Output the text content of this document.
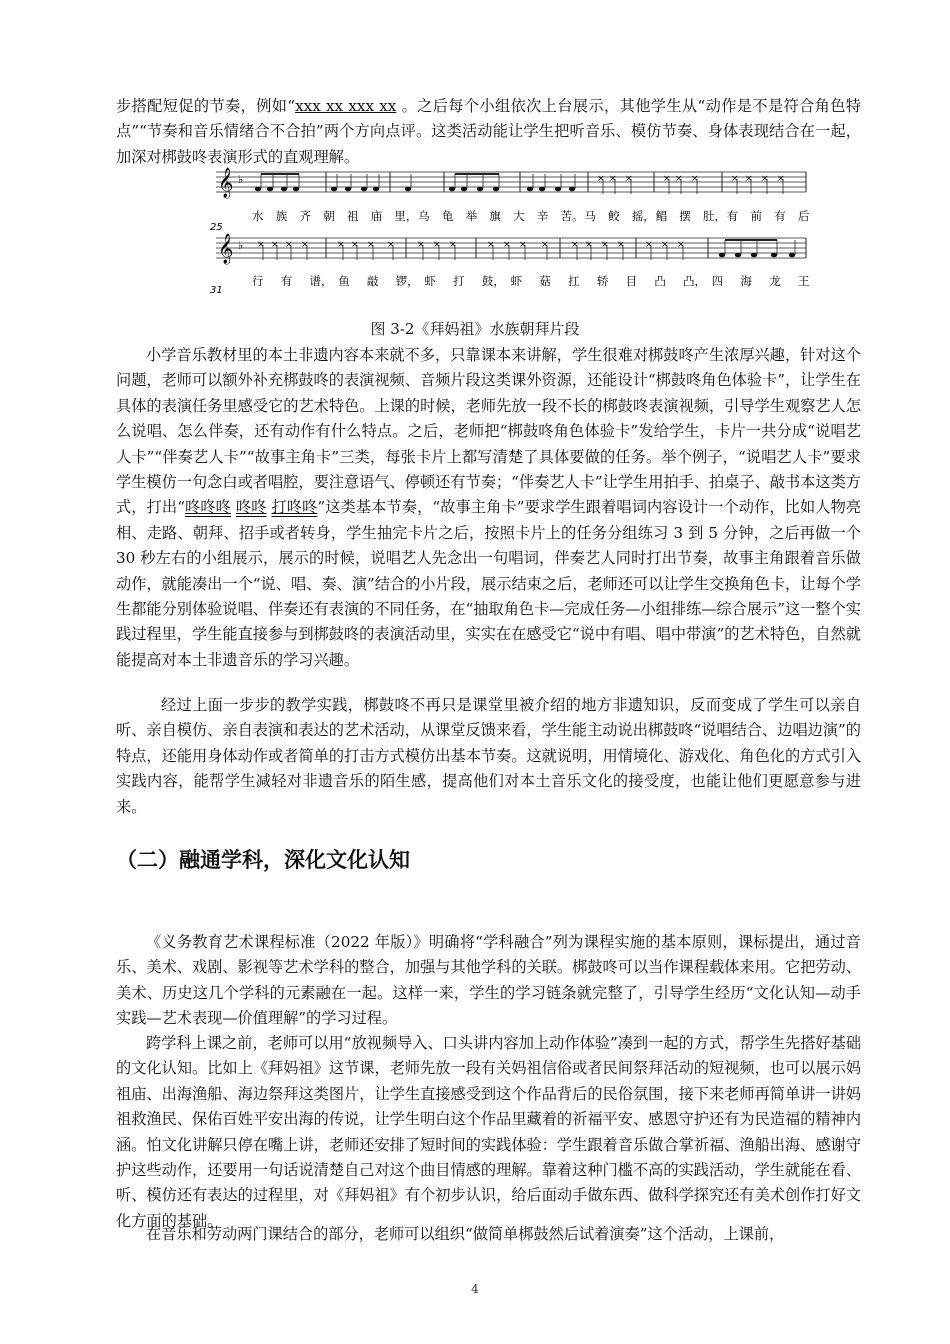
步搭配短促的节奏，例如“xxx xx xxx xx 。之后每个小组依次上台展示，其他学生从“动作是不是符合角色特点”“节奏和音乐情绪合不合拍”两个方向点评。这类活动能让学生把听音乐、模仿节奏、身体表现结合在一起，加深对梆鼓咚表演形式的直观理解。

𝄞 ♭	× × ×	× × ×	× × × ×
𝄞 ♭ × × × ×	× × × × × × ×	× × × × × × × × × × ×
25
31
水 族 齐 朝 祖 庙 里， 乌 龟 举 旗 大 辛 苦。 马 鲛 摇， 鲳 摆 肚， 有 前 有 后
行 有 谱， 鱼 敲 锣， 虾 打 鼓， 虾 菇 扛 轿 目 凸 凸， 四 海 龙 王

图 3-2《拜妈祖》水族朝拜片段

小学音乐教材里的本土非遗内容本来就不多，只靠课本来讲解，学生很难对梆鼓咚产生浓厚兴趣，针对这个问题，老师可以额外补充梆鼓咚的表演视频、音频片段这类课外资源，还能设计“梆鼓咚角色体验卡”，让学生在具体的表演任务里感受它的艺术特色。上课的时候，老师先放一段不长的梆鼓咚表演视频，引导学生观察艺人怎么说唱、怎么伴奏，还有动作有什么特点。之后，老师把“梆鼓咚角色体验卡”发给学生，卡片一共分成“说唱艺人卡”“伴奏艺人卡”“故事主角卡”三类，每张卡片上都写清楚了具体要做的任务。举个例子，“说唱艺人卡”要求学生模仿一句念白或者唱腔，要注意语气、停顿还有节奏；“伴奏艺人卡”让学生用拍手、拍桌子、敲书本这类方式，打出“咚咚咚 咚咚 打咚咚”这类基本节奏，“故事主角卡”要求学生跟着唱词内容设计一个动作，比如人物亮相、走路、朝拜、招手或者转身，学生抽完卡片之后，按照卡片上的任务分组练习 3 到 5 分钟，之后再做一个 30 秒左右的小组展示，展示的时候，说唱艺人先念出一句唱词，伴奏艺人同时打出节奏，故事主角跟着音乐做动作，就能凑出一个“说、唱、奏、演”结合的小片段，展示结束之后，老师还可以让学生交换角色卡，让每个学生都能分别体验说唱、伴奏还有表演的不同任务，在“抽取角色卡—完成任务—小组排练—综合展示”这一整个实践过程里，学生能直接参与到梆鼓咚的表演活动里，实实在在感受它“说中有唱、唱中带演”的艺术特色，自然就能提高对本土非遗音乐的学习兴趣。

经过上面一步步的教学实践，梆鼓咚不再只是课堂里被介绍的地方非遗知识，反而变成了学生可以亲自听、亲自模仿、亲自表演和表达的艺术活动，从课堂反馈来看，学生能主动说出梆鼓咚“说唱结合、边唱边演”的特点，还能用身体动作或者简单的打击方式模仿出基本节奏。这就说明，用情境化、游戏化、角色化的方式引入实践内容，能帮学生减轻对非遗音乐的陌生感，提高他们对本土音乐文化的接受度，也能让他们更愿意参与进来。

（二）融通学科，深化文化认知

《义务教育艺术课程标准（2022 年版）》明确将“学科融合”列为课程实施的基本原则，课标提出，通过音乐、美术、戏剧、影视等艺术学科的整合，加强与其他学科的关联。梆鼓咚可以当作课程载体来用。它把劳动、美术、历史这几个学科的元素融在一起。这样一来，学生的学习链条就完整了，引导学生经历“文化认知—动手实践—艺术表现—价值理解”的学习过程。

跨学科上课之前，老师可以用“放视频导入、口头讲内容加上动作体验”凑到一起的方式，帮学生先搭好基础的文化认知。比如上《拜妈祖》这节课，老师先放一段有关妈祖信俗或者民间祭拜活动的短视频，也可以展示妈祖庙、出海渔船、海边祭拜这类图片，让学生直接感受到这个作品背后的民俗氛围，接下来老师再简单讲一讲妈祖救渔民、保佑百姓平安出海的传说，让学生明白这个作品里藏着的祈福平安、感恩守护还有为民造福的精神内涵。怕文化讲解只停在嘴上讲，老师还安排了短时间的实践体验：学生跟着音乐做合掌祈福、渔船出海、感谢守护这些动作，还要用一句话说清楚自己对这个曲目情感的理解。靠着这种门槛不高的实践活动，学生就能在看、听、模仿还有表达的过程里，对《拜妈祖》有个初步认识，给后面动手做东西、做科学探究还有美术创作打好文化方面的基础。

在音乐和劳动两门课结合的部分，老师可以组织“做简单梆鼓然后试着演奏”这个活动，上课前，

4
